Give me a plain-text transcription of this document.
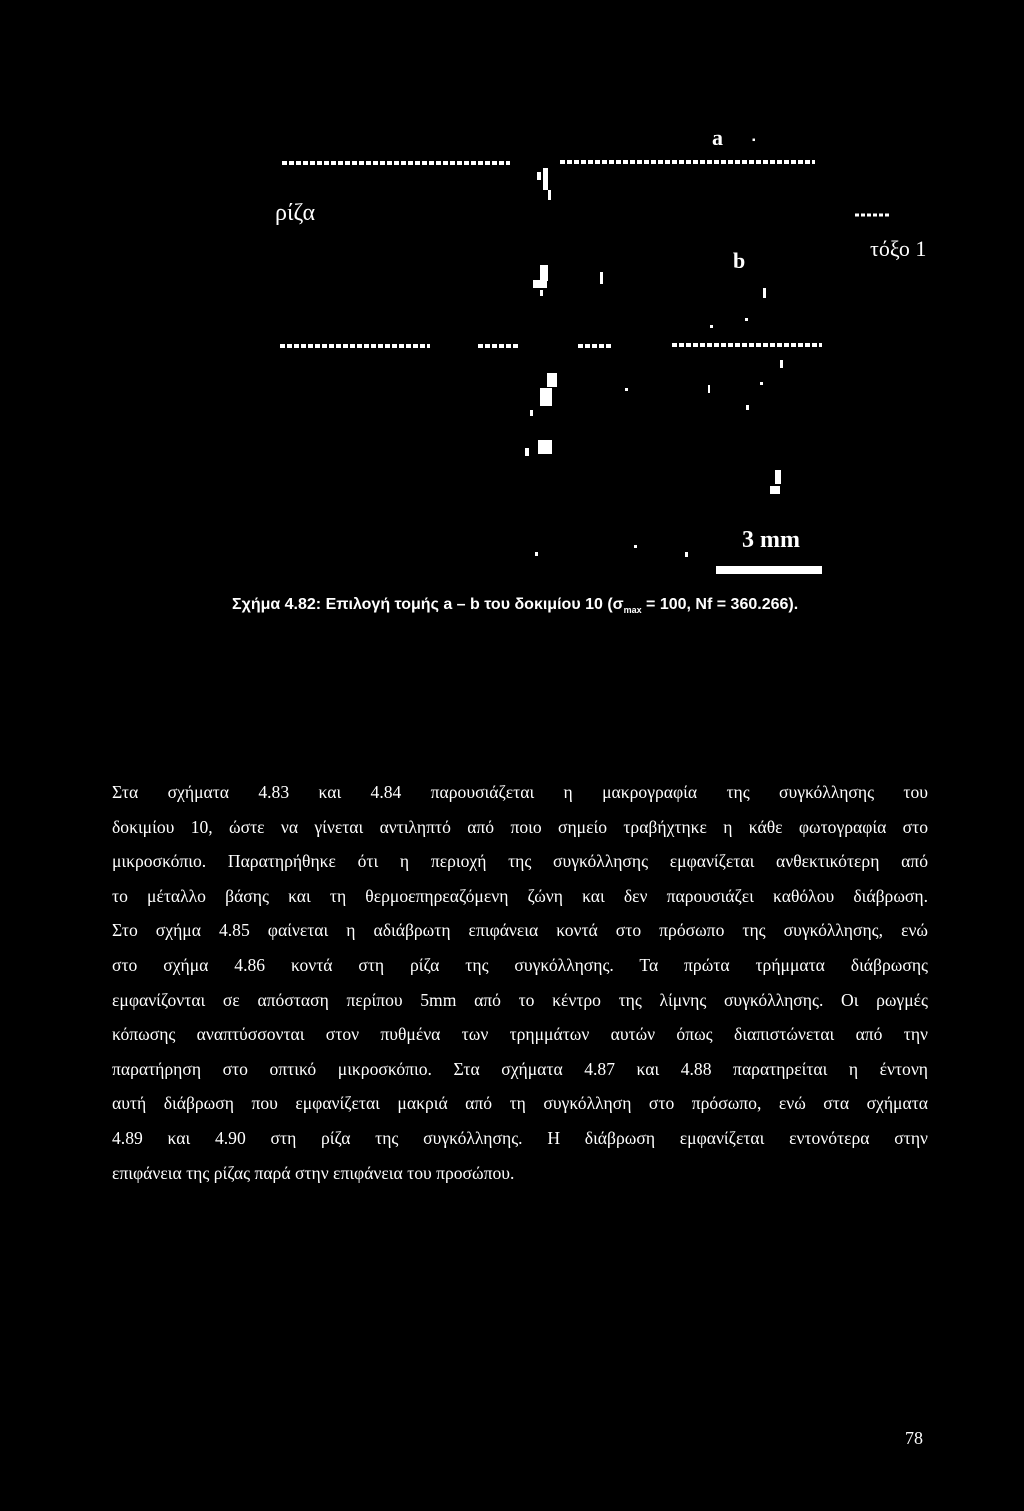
a	▪
ρίζα
b	τόξο 1
3 mm
Σχήμα 4.82: Επιλογή τομής a – b του δοκιμίου 10 ($\sigma_{max} = 100$, Nf = 360.266).
Στα σχήματα 4.83 και 4.84 παρουσιάζεται η μακρογραφία της συγκόλλησης του
δοκιμίου 10, ώστε να γίνεται αντιληπτό από ποιο σημείο τραβήχτηκε η κάθε φωτογραφία στο
μικροσκόπιο. Παρατηρήθηκε ότι η περιοχή της συγκόλλησης εμφανίζεται ανθεκτικότερη από
το μέταλλο βάσης και τη θερμοεπηρεαζόμενη ζώνη και δεν παρουσιάζει καθόλου διάβρωση.
Στο σχήμα 4.85 φαίνεται η αδιάβρωτη επιφάνεια κοντά στο πρόσωπο της συγκόλλησης, ενώ
στο σχήμα 4.86 κοντά στη ρίζα της συγκόλλησης. Τα πρώτα τρήμματα διάβρωσης
εμφανίζονται σε απόσταση περίπου 5mm από το κέντρο της λίμνης συγκόλλησης. Οι ρωγμές
κόπωσης αναπτύσσονται στον πυθμένα των τρημμάτων αυτών όπως διαπιστώνεται από την
παρατήρηση στο οπτικό μικροσκόπιο. Στα σχήματα 4.87 και 4.88 παρατηρείται η έντονη
αυτή διάβρωση που εμφανίζεται μακριά από τη συγκόλληση στο πρόσωπο, ενώ στα σχήματα
4.89 και 4.90 στη ρίζα της συγκόλλησης. Η διάβρωση εμφανίζεται εντονότερα στην
επιφάνεια της ρίζας παρά στην επιφάνεια του προσώπου.
78
